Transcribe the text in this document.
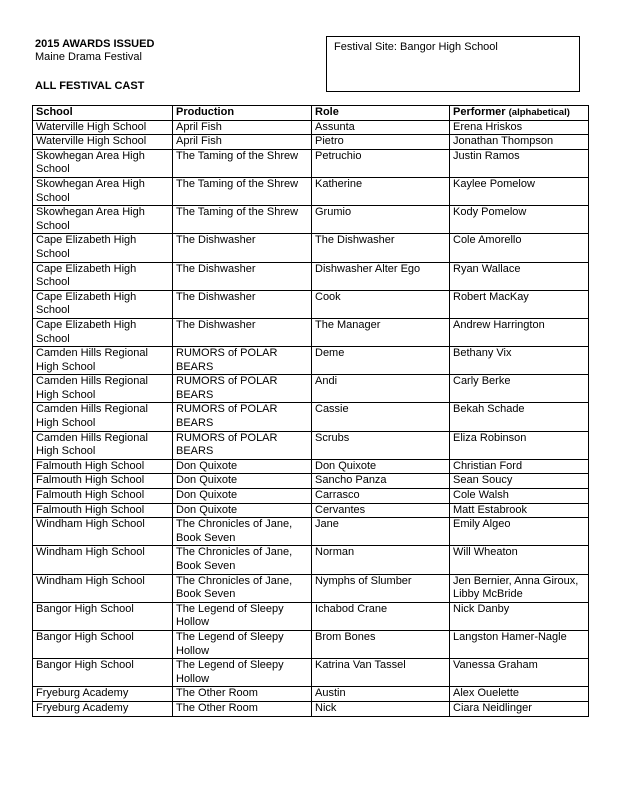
2015 AWARDS ISSUED
Maine Drama Festival
ALL FESTIVAL CAST
Festival Site: Bangor High School
School	Production	Role	Performer (alphabetical)
Waterville High School	April Fish	Assunta	Erena Hriskos
Waterville High School	April Fish	Pietro	Jonathan Thompson
Skowhegan Area High School	The Taming of the Shrew	Petruchio	Justin Ramos
Skowhegan Area High School	The Taming of the Shrew	Katherine	Kaylee Pomelow
Skowhegan Area High School	The Taming of the Shrew	Grumio	Kody Pomelow
Cape Elizabeth High School	The Dishwasher	The Dishwasher	Cole Amorello
Cape Elizabeth High School	The Dishwasher	Dishwasher Alter Ego	Ryan Wallace
Cape Elizabeth High School	The Dishwasher	Cook	Robert MacKay
Cape Elizabeth High School	The Dishwasher	The Manager	Andrew Harrington
Camden Hills Regional High School	RUMORS of POLAR BEARS	Deme	Bethany Vix
Camden Hills Regional High School	RUMORS of POLAR BEARS	Andi	Carly Berke
Camden Hills Regional High School	RUMORS of POLAR BEARS	Cassie	Bekah Schade
Camden Hills Regional High School	RUMORS of POLAR BEARS	Scrubs	Eliza Robinson
Falmouth High School	Don Quixote	Don Quixote	Christian Ford
Falmouth High School	Don Quixote	Sancho Panza	Sean Soucy
Falmouth High School	Don Quixote	Carrasco	Cole Walsh
Falmouth High School	Don Quixote	Cervantes	Matt Estabrook
Windham High School	The Chronicles of Jane, Book Seven	Jane	Emily Algeo
Windham High School	The Chronicles of Jane, Book Seven	Norman	Will Wheaton
Windham High School	The Chronicles of Jane, Book Seven	Nymphs of Slumber	Jen Bernier, Anna Giroux, Libby McBride
Bangor High School	The Legend of Sleepy Hollow	Ichabod Crane	Nick Danby
Bangor High School	The Legend of Sleepy Hollow	Brom Bones	Langston Hamer-Nagle
Bangor High School	The Legend of Sleepy Hollow	Katrina Van Tassel	Vanessa Graham
Fryeburg Academy	The Other Room	Austin	Alex Ouelette
Fryeburg Academy	The Other Room	Nick	Ciara Neidlinger
